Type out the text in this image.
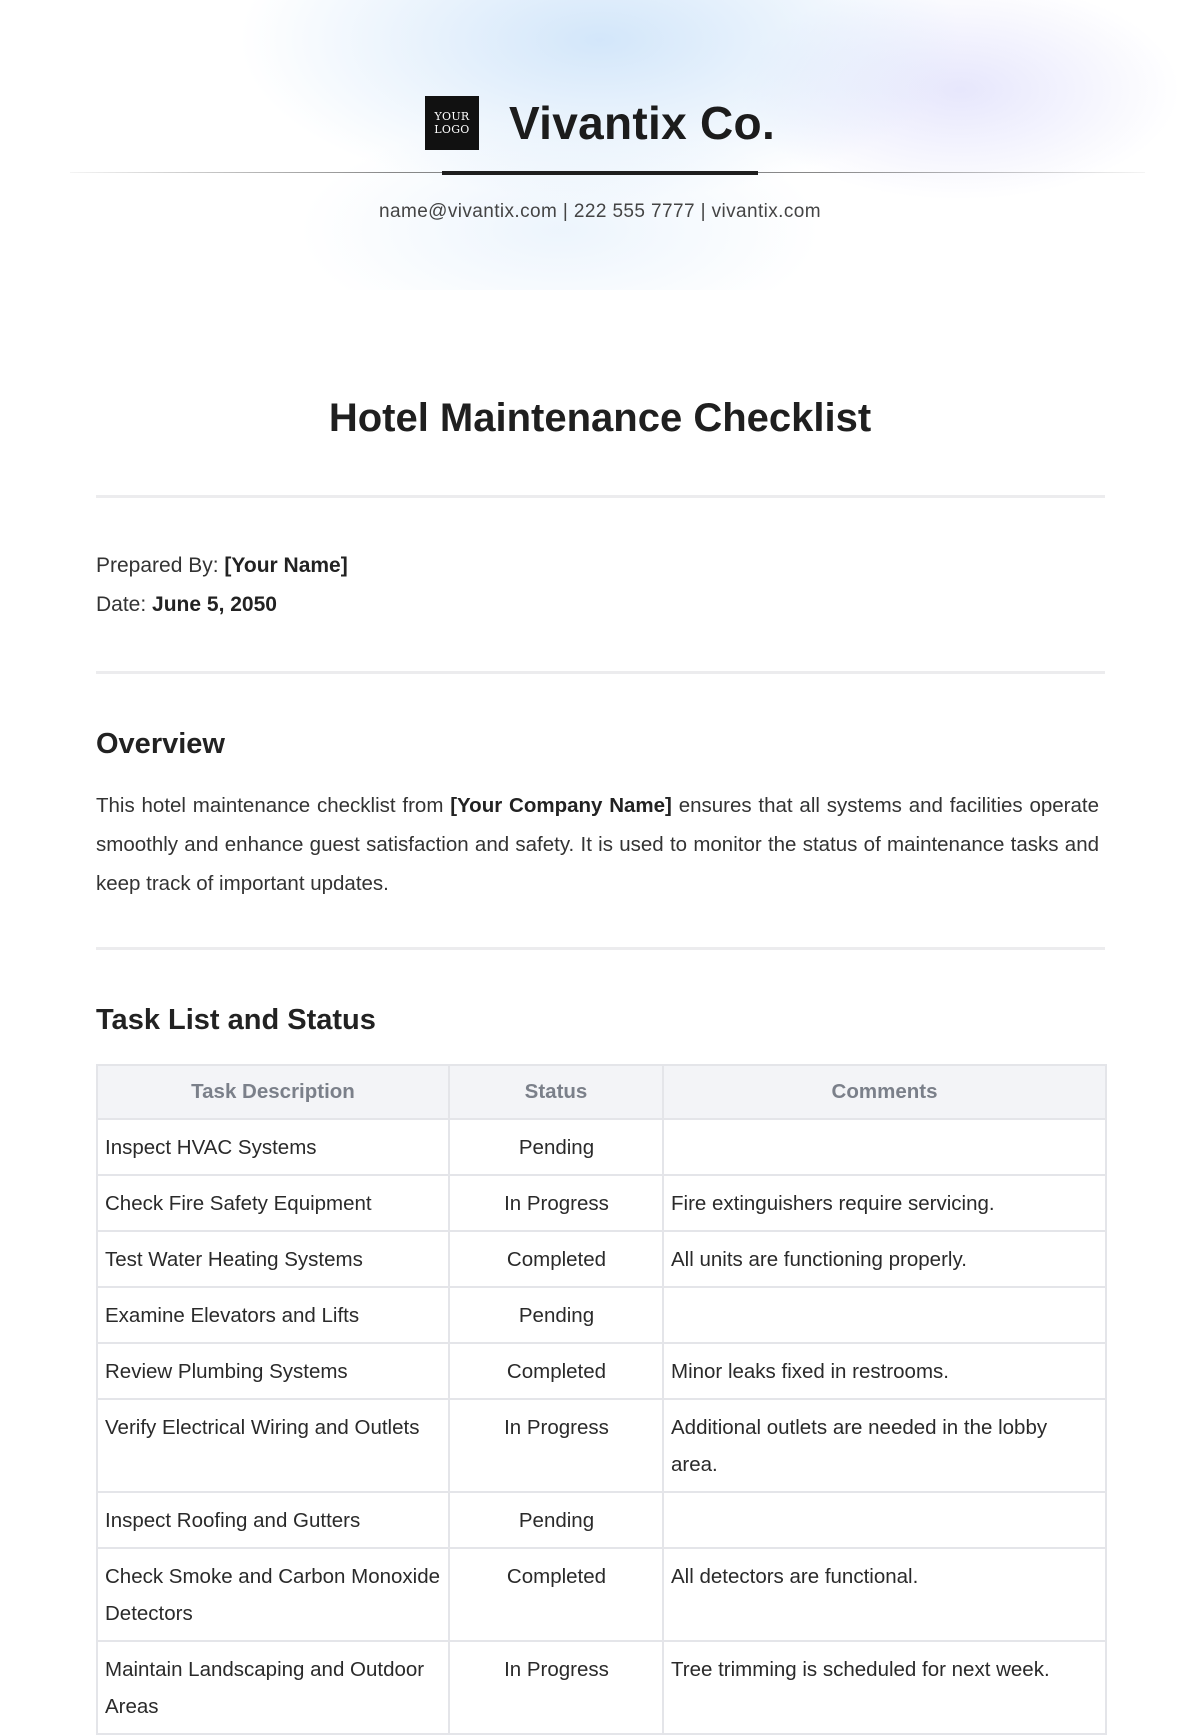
YOUR
LOGO Vivantix Co.
name@vivantix.com | 222 555 7777 | vivantix.com
Hotel Maintenance Checklist
Prepared By: [Your Name]
Date: June 5, 2050
Overview

This hotel maintenance checklist from [Your Company Name] ensures that all systems and facilities operate smoothly and enhance guest satisfaction and safety. It is used to monitor the status of maintenance tasks and keep track of important updates.

Task List and Status
Task Description	Status	Comments
Inspect HVAC Systems	Pending	
Check Fire Safety Equipment	In Progress	Fire extinguishers require servicing.
Test Water Heating Systems	Completed	All units are functioning properly.
Examine Elevators and Lifts	Pending	
Review Plumbing Systems	Completed	Minor leaks fixed in restrooms.
Verify Electrical Wiring and Outlets	In Progress	Additional outlets are needed in the lobby area.
Inspect Roofing and Gutters	Pending	
Check Smoke and Carbon Monoxide Detectors	Completed	All detectors are functional.
Maintain Landscaping and Outdoor Areas	In Progress	Tree trimming is scheduled for next week.
